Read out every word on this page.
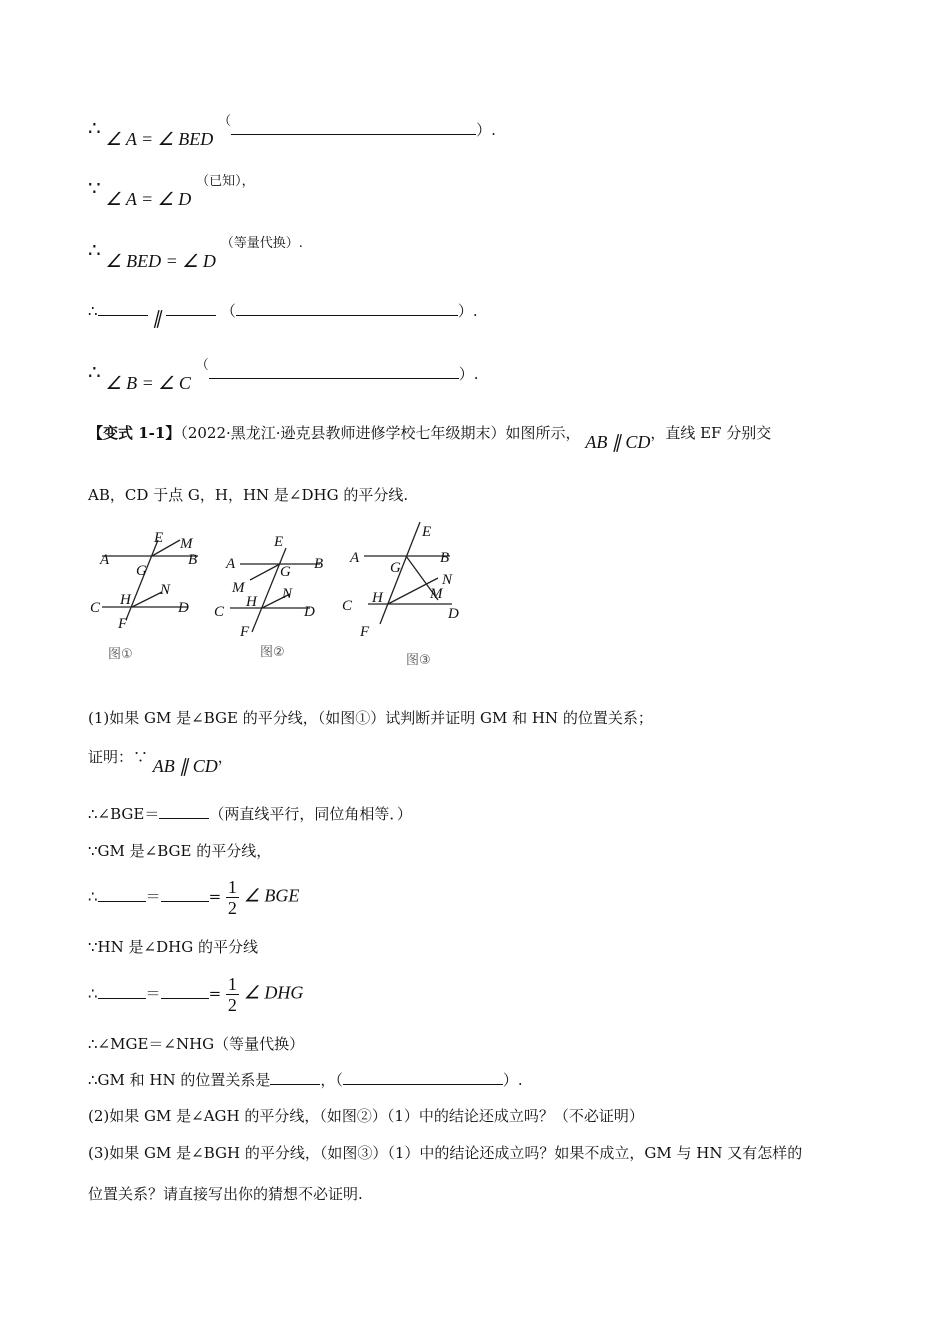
∴ ∠ A = ∠ BED （	）.
∵ ∠ A = ∠ D （已知），
∴ ∠ BED = ∠ D （等量代换）.
∴	∥	（	）.
∴ ∠ B = ∠ C （	）.
【变式 1-1】（2022·黑龙江·逊克县教师进修学校七年级期末）如图所示， AB ∥ CD，直线 EF 分别交
AB，CD 于点 G，H，HN 是∠DHG 的平分线.
A	B
E M
G
N
H
C	D
F
图①
A	B
E
G
M	N
H
C	D
F
图②
A	B
E
G
N
M
H
C	D
F
图③
(1)如果 GM 是∠BGE 的平分线，（如图①）试判断并证明 GM 和 HN 的位置关系；
证明：∵ AB ∥ CD，
∴∠BGE＝	（两直线平行，同位角相等．）
∵GM 是∠BGE 的平分线，
∴	＝	= $\frac{1}{2}$ ∠ BGE
∵HN 是∠DHG 的平分线
∴	＝	= $\frac{1}{2}$ ∠ DHG
∴∠MGE＝∠NHG（等量代换）
∴GM 和 HN 的位置关系是	，（	）.
(2)如果 GM 是∠AGH 的平分线，（如图②）（1）中的结论还成立吗？（不必证明）
(3)如果 GM 是∠BGH 的平分线，（如图③）（1）中的结论还成立吗？如果不成立，GM 与 HN 又有怎样的
位置关系？请直接写出你的猜想不必证明.
